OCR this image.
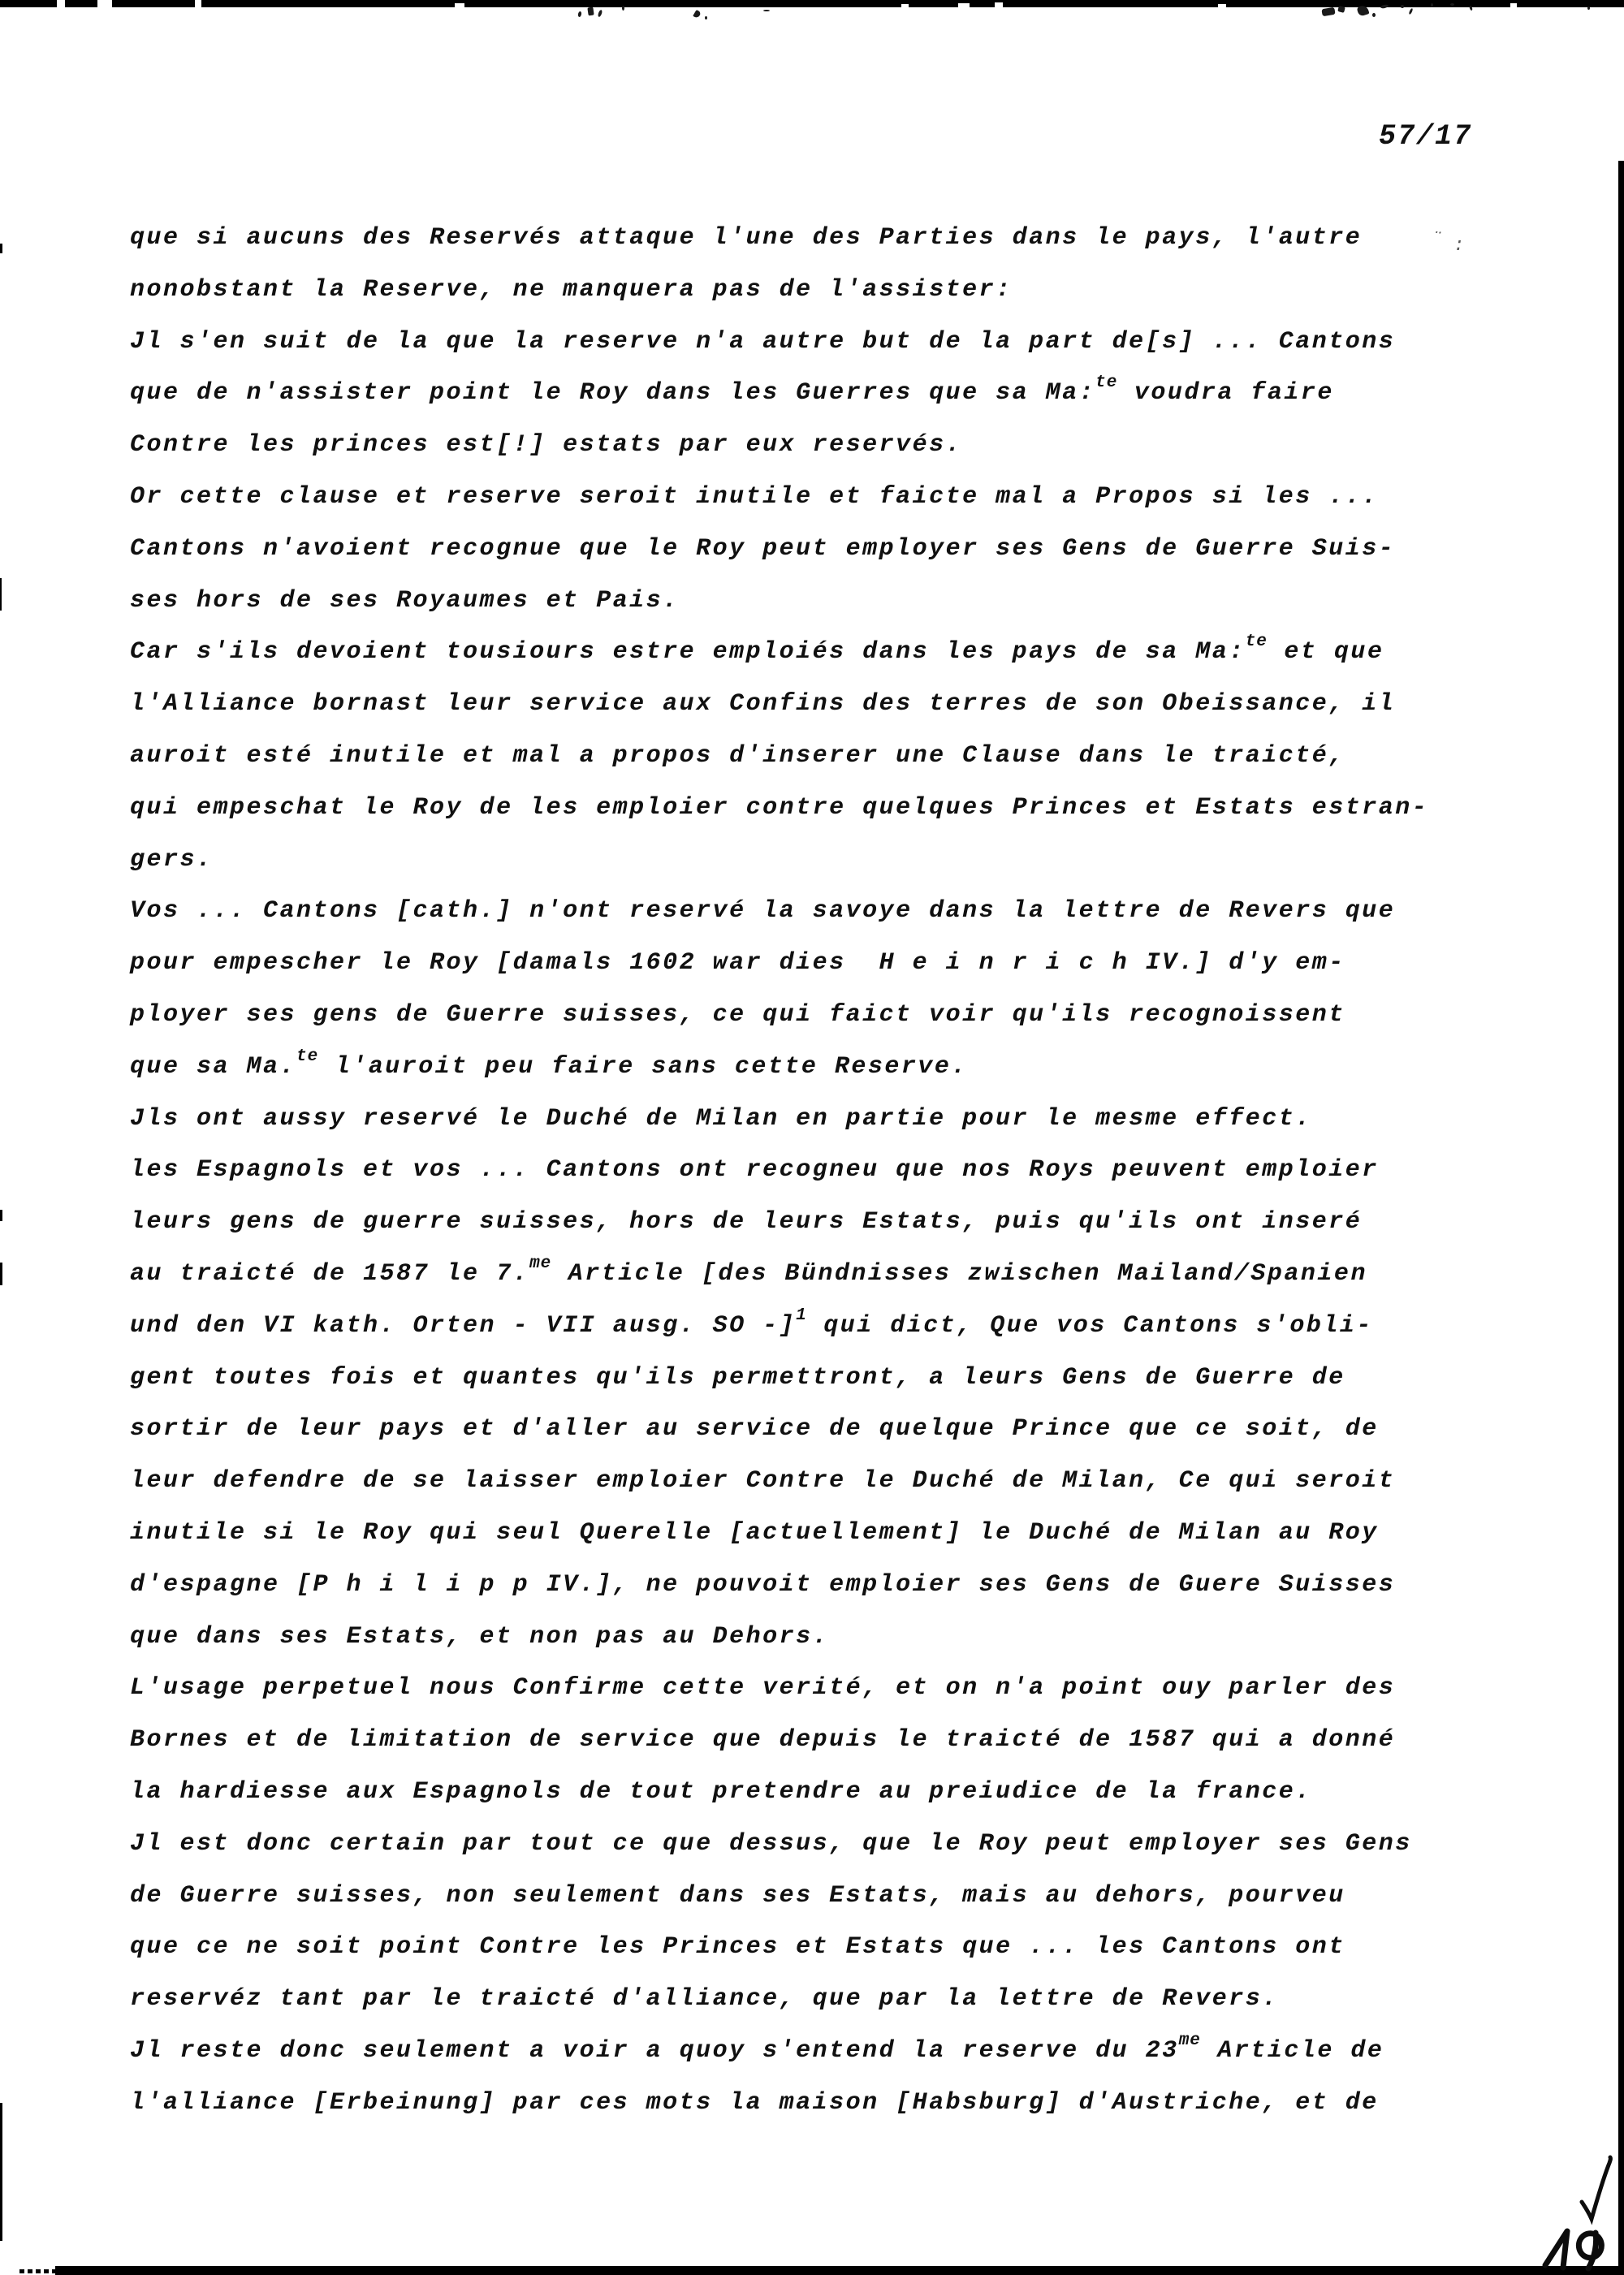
57/17
¨ :
que si aucuns des Reservés attaque l'une des Parties dans le pays, l'autre
nonobstant la Reserve, ne manquera pas de l'assister:
Jl s'en suit de la que la reserve n'a autre but de la part de[s] ... Cantons
que de n'assister point le Roy dans les Guerres que sa Ma:$^{te}$ voudra faire
Contre les princes est[!] estats par eux reservés.
Or cette clause et reserve seroit inutile et faicte mal a Propos si les ...
Cantons n'avoient recognue que le Roy peut employer ses Gens de Guerre Suis-
ses hors de ses Royaumes et Pais.
Car s'ils devoient tousiours estre emploiés dans les pays de sa Ma:$^{te}$ et que
l'Alliance bornast leur service aux Confins des terres de son Obeissance, il
auroit esté inutile et mal a propos d'inserer une Clause dans le traicté,
qui empeschat le Roy de les emploier contre quelques Princes et Estats estran-
gers.
Vos ... Cantons [cath.] n'ont reservé la savoye dans la lettre de Revers que
pour empescher le Roy [damals 1602 war dies  H e i n r i c h IV.] d'y em-
ployer ses gens de Guerre suisses, ce qui faict voir qu'ils recognoissent
que sa Ma.$^{te}$ l'auroit peu faire sans cette Reserve.
Jls ont aussy reservé le Duché de Milan en partie pour le mesme effect.
les Espagnols et vos ... Cantons ont recogneu que nos Roys peuvent emploier
leurs gens de guerre suisses, hors de leurs Estats, puis qu'ils ont inseré
au traicté de 1587 le 7.$^{me}$ Article [des Bündnisses zwischen Mailand/Spanien
und den VI kath. Orten - VII ausg. SO -]$^1$ qui dict, Que vos Cantons s'obli-
gent toutes fois et quantes qu'ils permettront, a leurs Gens de Guerre de
sortir de leur pays et d'aller au service de quelque Prince que ce soit, de
leur defendre de se laisser emploier Contre le Duché de Milan, Ce qui seroit
inutile si le Roy qui seul Querelle [actuellement] le Duché de Milan au Roy
d'espagne [P h i l i p p IV.], ne pouvoit emploier ses Gens de Guere Suisses
que dans ses Estats, et non pas au Dehors.
L'usage perpetuel nous Confirme cette verité, et on n'a point ouy parler des
Bornes et de limitation de service que depuis le traicté de 1587 qui a donné
la hardiesse aux Espagnols de tout pretendre au preiudice de la france.
Jl est donc certain par tout ce que dessus, que le Roy peut employer ses Gens
de Guerre suisses, non seulement dans ses Estats, mais au dehors, pourveu
que ce ne soit point Contre les Princes et Estats que ... les Cantons ont
reservéz tant par le traicté d'alliance, que par la lettre de Revers.
Jl reste donc seulement a voir a quoy s'entend la reserve du $23^{me}$ Article de
l'alliance [Erbeinung] par ces mots la maison [Habsburg] d'Austriche, et de
